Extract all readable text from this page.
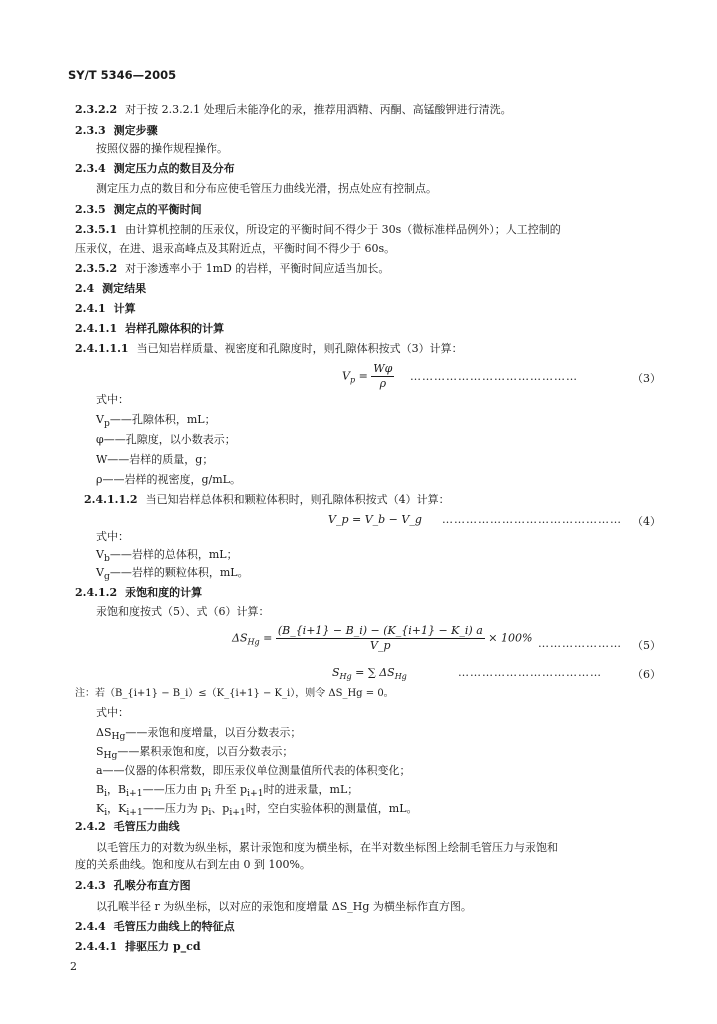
SY/T 5346—2005
2.3.2.2 对于按 2.3.2.1 处理后未能净化的汞，推荐用酒精、丙酮、高锰酸钾进行清洗。
2.3.3 测定步骤
按照仪器的操作规程操作。
2.3.4 测定压力点的数目及分布
测定压力点的数目和分布应使毛管压力曲线光滑，拐点处应有控制点。
2.3.5 测定点的平衡时间
2.3.5.1 由计算机控制的压汞仪，所设定的平衡时间不得少于 30s（微标准样品例外）；人工控制的
压汞仪，在进、退汞高峰点及其附近点，平衡时间不得少于 60s。
2.3.5.2 对于渗透率小于 1mD 的岩样，平衡时间应适当加长。
2.4 测定结果
2.4.1 计算
2.4.1.1 岩样孔隙体积的计算
2.4.1.1.1 当已知岩样质量、视密度和孔隙度时，则孔隙体积按式（3）计算：
$V_p = \frac{W\varphi}{\rho}$ ……………………………………	（3）
式中：
$V_p——$孔隙体积，mL；
φ——孔隙度，以小数表示；
W——岩样的质量，g；
ρ——岩样的视密度，g/mL。
2.4.1.1.2 当已知岩样总体积和颗粒体积时，则孔隙体积按式（4）计算：
V_p = V_b − V_g ……………………………………… （4）
式中：
$V_b——$岩样的总体积，mL；
$V_g——$岩样的颗粒体积，mL。
2.4.1.2 汞饱和度的计算
汞饱和度按式（5）、式（6）计算：
$\Delta S_{Hg} = \frac{(B\_\{i+1\} - B\_i) - (K\_\{i+1\} - K\_i) a}{V\_p} \times 100\%$ ………………… （5）
$S_{Hg}$ = ∑ $\Delta S_{Hg}$	………………………………	（6）
注：若（B_{i+1} − B_i）≤（K_{i+1} − K_i），则令 ΔS_Hg = 0。
式中：
$\Delta S_{Hg}——$汞饱和度增量，以百分数表示；
$S_{Hg}——$累积汞饱和度，以百分数表示；
a——仪器的体积常数，即压汞仪单位测量值所代表的体积变化；
$B_i$，$B_{i+1}——$压力由 $p_i$ 升至 $p_{i+1}$时的进汞量，mL；
$K_i$，$K_{i+1}——$压力为 $p_i$、$p_{i+1}$时，空白实验体积的测量值，mL。
2.4.2 毛管压力曲线
以毛管压力的对数为纵坐标，累计汞饱和度为横坐标，在半对数坐标图上绘制毛管压力与汞饱和
度的关系曲线。饱和度从右到左由 0 到 100%。
2.4.3 孔喉分布直方图
以孔喉半径 r 为纵坐标，以对应的汞饱和度增量 ΔS_Hg 为横坐标作直方图。
2.4.4 毛管压力曲线上的特征点
2.4.4.1 排驱压力 p_cd
2
